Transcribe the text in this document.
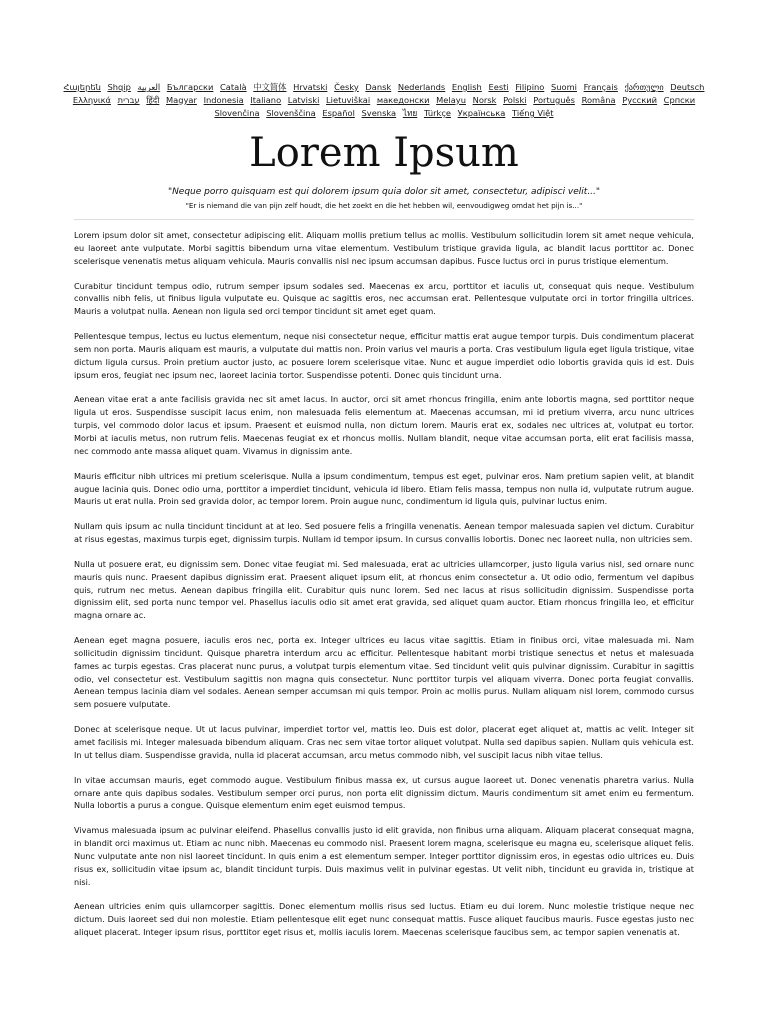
Հայերեն Shqip العربية Български Català 中文简体 Hrvatski Česky Dansk Nederlands English Eesti Filipino Suomi Français ქართული Deutsch Ελληνικά עברית हिंदी Magyar Indonesia Italiano Latviski Lietuviškai македонски Melayu Norsk Polski Português Româna Pyccкий Српски Slovenčina Slovenščina Español Svenska ไทย Türkçe Українська Tiếng Việt
Lorem Ipsum

"Neque porro quisquam est qui dolorem ipsum quia dolor sit amet, consectetur, adipisci velit..."

"Er is niemand die van pijn zelf houdt, die het zoekt en die het hebben wil, eenvoudigweg omdat het pijn is..."

Lorem ipsum dolor sit amet, consectetur adipiscing elit. Aliquam mollis pretium tellus ac mollis. Vestibulum sollicitudin lorem sit amet neque vehicula, eu laoreet ante vulputate. Morbi sagittis bibendum urna vitae elementum. Vestibulum tristique gravida ligula, ac blandit lacus porttitor ac. Donec scelerisque venenatis metus aliquam vehicula. Mauris convallis nisl nec ipsum accumsan dapibus. Fusce luctus orci in purus tristique elementum.

Curabitur tincidunt tempus odio, rutrum semper ipsum sodales sed. Maecenas ex arcu, porttitor et iaculis ut, consequat quis neque. Vestibulum convallis nibh felis, ut finibus ligula vulputate eu. Quisque ac sagittis eros, nec accumsan erat. Pellentesque vulputate orci in tortor fringilla ultrices. Mauris a volutpat nulla. Aenean non ligula sed orci tempor tincidunt sit amet eget quam.

Pellentesque tempus, lectus eu luctus elementum, neque nisi consectetur neque, efficitur mattis erat augue tempor turpis. Duis condimentum placerat sem non porta. Mauris aliquam est mauris, a vulputate dui mattis non. Proin varius vel mauris a porta. Cras vestibulum ligula eget ligula tristique, vitae dictum ligula cursus. Proin pretium auctor justo, ac posuere lorem scelerisque vitae. Nunc et augue imperdiet odio lobortis gravida quis id est. Duis ipsum eros, feugiat nec ipsum nec, laoreet lacinia tortor. Suspendisse potenti. Donec quis tincidunt urna.

Aenean vitae erat a ante facilisis gravida nec sit amet lacus. In auctor, orci sit amet rhoncus fringilla, enim ante lobortis magna, sed porttitor neque ligula ut eros. Suspendisse suscipit lacus enim, non malesuada felis elementum at. Maecenas accumsan, mi id pretium viverra, arcu nunc ultrices turpis, vel commodo dolor lacus et ipsum. Praesent et euismod nulla, non dictum lorem. Mauris erat ex, sodales nec ultrices at, volutpat eu tortor. Morbi at iaculis metus, non rutrum felis. Maecenas feugiat ex et rhoncus mollis. Nullam blandit, neque vitae accumsan porta, elit erat facilisis massa, nec commodo ante massa aliquet quam. Vivamus in dignissim ante.

Mauris efficitur nibh ultrices mi pretium scelerisque. Nulla a ipsum condimentum, tempus est eget, pulvinar eros. Nam pretium sapien velit, at blandit augue lacinia quis. Donec odio urna, porttitor a imperdiet tincidunt, vehicula id libero. Etiam felis massa, tempus non nulla id, vulputate rutrum augue. Mauris ut erat nulla. Proin sed gravida dolor, ac tempor lorem. Proin augue nunc, condimentum id ligula quis, pulvinar luctus enim.

Nullam quis ipsum ac nulla tincidunt tincidunt at at leo. Sed posuere felis a fringilla venenatis. Aenean tempor malesuada sapien vel dictum. Curabitur at risus egestas, maximus turpis eget, dignissim turpis. Nullam id tempor ipsum. In cursus convallis lobortis. Donec nec laoreet nulla, non ultricies sem.

Nulla ut posuere erat, eu dignissim sem. Donec vitae feugiat mi. Sed malesuada, erat ac ultricies ullamcorper, justo ligula varius nisl, sed ornare nunc mauris quis nunc. Praesent dapibus dignissim erat. Praesent aliquet ipsum elit, at rhoncus enim consectetur a. Ut odio odio, fermentum vel dapibus quis, rutrum nec metus. Aenean dapibus fringilla elit. Curabitur quis nunc lorem. Sed nec lacus at risus sollicitudin dignissim. Suspendisse porta dignissim elit, sed porta nunc tempor vel. Phasellus iaculis odio sit amet erat gravida, sed aliquet quam auctor. Etiam rhoncus fringilla leo, et efficitur magna ornare ac.

Aenean eget magna posuere, iaculis eros nec, porta ex. Integer ultrices eu lacus vitae sagittis. Etiam in finibus orci, vitae malesuada mi. Nam sollicitudin dignissim tincidunt. Quisque pharetra interdum arcu ac efficitur. Pellentesque habitant morbi tristique senectus et netus et malesuada fames ac turpis egestas. Cras placerat nunc purus, a volutpat turpis elementum vitae. Sed tincidunt velit quis pulvinar dignissim. Curabitur in sagittis odio, vel consectetur est. Vestibulum sagittis non magna quis consectetur. Nunc porttitor turpis vel aliquam viverra. Donec porta feugiat convallis. Aenean tempus lacinia diam vel sodales. Aenean semper accumsan mi quis tempor. Proin ac mollis purus. Nullam aliquam nisl lorem, commodo cursus sem posuere vulputate.

Donec at scelerisque neque. Ut ut lacus pulvinar, imperdiet tortor vel, mattis leo. Duis est dolor, placerat eget aliquet at, mattis ac velit. Integer sit amet facilisis mi. Integer malesuada bibendum aliquam. Cras nec sem vitae tortor aliquet volutpat. Nulla sed dapibus sapien. Nullam quis vehicula est. In ut tellus diam. Suspendisse gravida, nulla id placerat accumsan, arcu metus commodo nibh, vel suscipit lacus nibh vitae tellus.

In vitae accumsan mauris, eget commodo augue. Vestibulum finibus massa ex, ut cursus augue laoreet ut. Donec venenatis pharetra varius. Nulla ornare ante quis dapibus sodales. Vestibulum semper orci purus, non porta elit dignissim dictum. Mauris condimentum sit amet enim eu fermentum. Nulla lobortis a purus a congue. Quisque elementum enim eget euismod tempus.

Vivamus malesuada ipsum ac pulvinar eleifend. Phasellus convallis justo id elit gravida, non finibus urna aliquam. Aliquam placerat consequat magna, in blandit orci maximus ut. Etiam ac nunc nibh. Maecenas eu commodo nisl. Praesent lorem magna, scelerisque eu magna eu, scelerisque aliquet felis. Nunc vulputate ante non nisl laoreet tincidunt. In quis enim a est elementum semper. Integer porttitor dignissim eros, in egestas odio ultrices eu. Duis risus ex, sollicitudin vitae ipsum ac, blandit tincidunt turpis. Duis maximus velit in pulvinar egestas. Ut velit nibh, tincidunt eu gravida in, tristique at nisi.

Aenean ultricies enim quis ullamcorper sagittis. Donec elementum mollis risus sed luctus. Etiam eu dui lorem. Nunc molestie tristique neque nec dictum. Duis laoreet sed dui non molestie. Etiam pellentesque elit eget nunc consequat mattis. Fusce aliquet faucibus mauris. Fusce egestas justo nec aliquet placerat. Integer ipsum risus, porttitor eget risus et, mollis iaculis lorem. Maecenas scelerisque faucibus sem, ac tempor sapien venenatis at.
